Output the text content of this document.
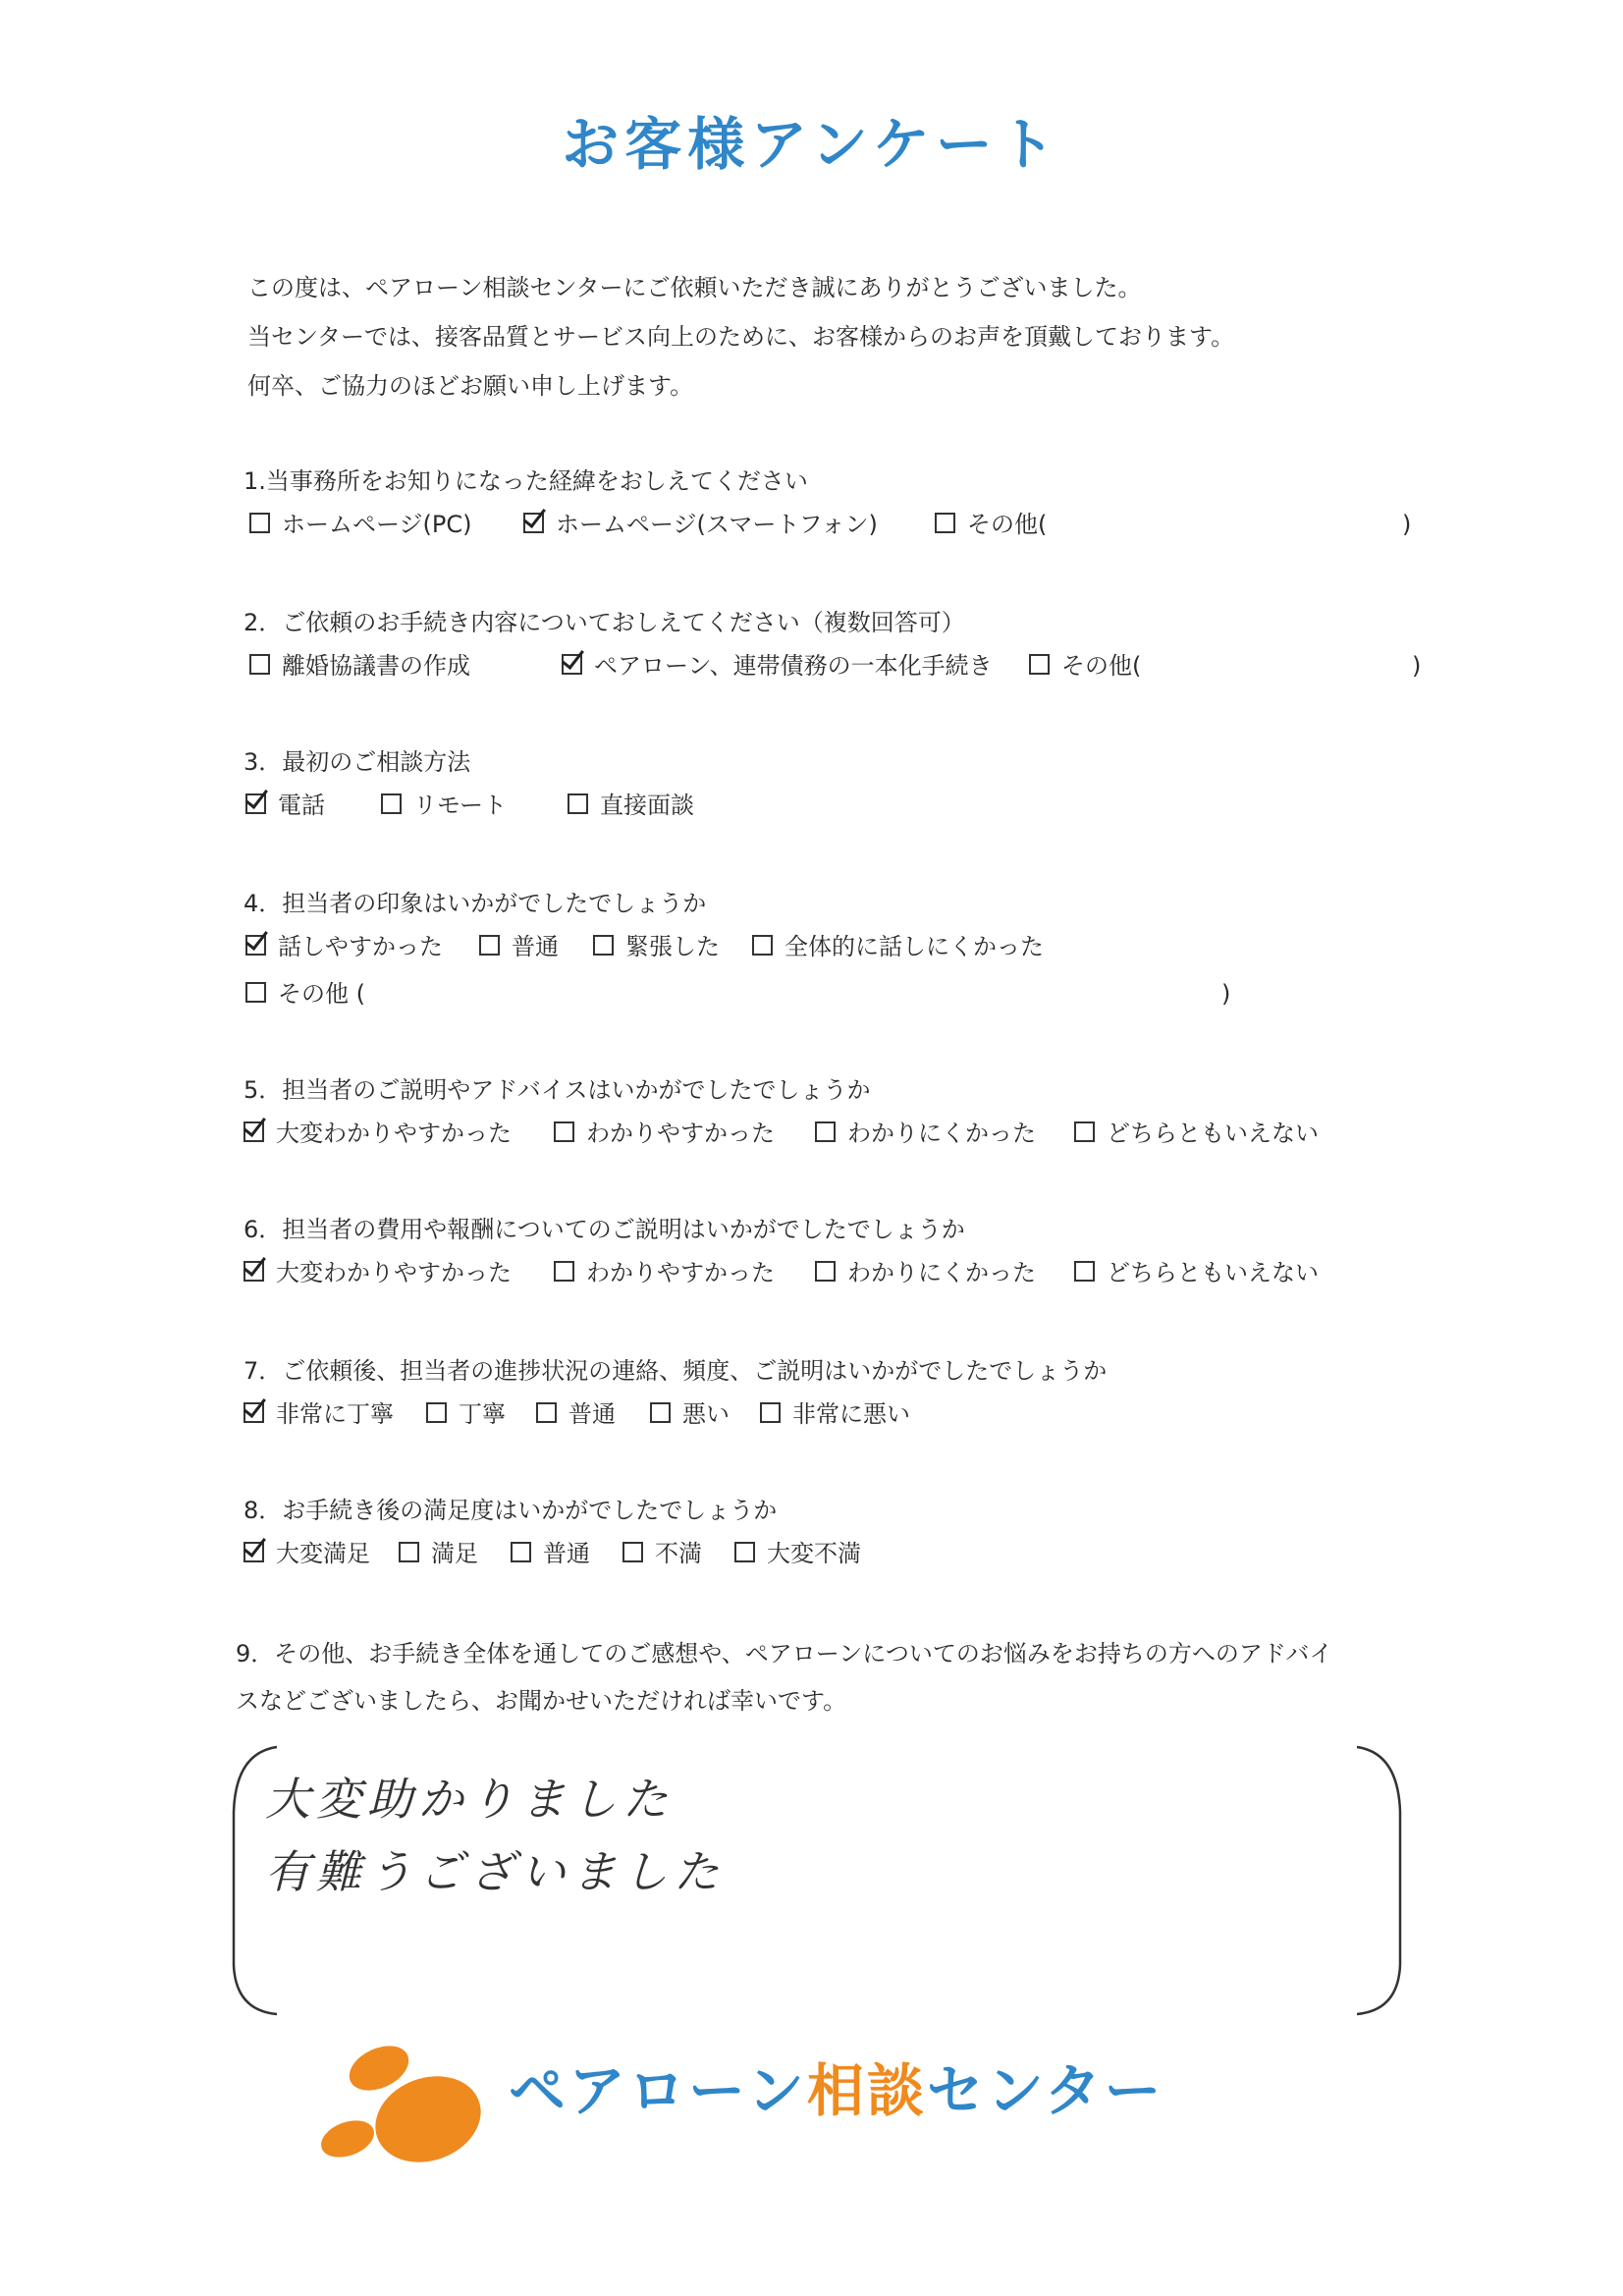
お客様アンケート
この度は、ペアローン相談センターにご依頼いただき誠にありがとうございました。
当センターでは、接客品質とサービス向上のために、お客様からのお声を頂戴しております。
何卒、ご協力のほどお願い申し上げます。
1.当事務所をお知りになった経緯をおしえてください
ホームページ(PC)	ホームページ(スマートフォン)	その他(	)
2．ご依頼のお手続き内容についておしえてください（複数回答可）
離婚協議書の作成	ペアローン、連帯債務の一本化手続き	その他(	)
3．最初のご相談方法
電話	リモート	直接面談
4．担当者の印象はいかがでしたでしょうか
話しやすかった	普通	緊張した	全体的に話しにくかった
その他 (	)
5．担当者のご説明やアドバイスはいかがでしたでしょうか
大変わかりやすかった	わかりやすかった	わかりにくかった	どちらともいえない
6．担当者の費用や報酬についてのご説明はいかがでしたでしょうか
大変わかりやすかった	わかりやすかった	わかりにくかった	どちらともいえない
7．ご依頼後、担当者の進捗状況の連絡、頻度、ご説明はいかがでしたでしょうか
非常に丁寧	丁寧	普通	悪い	非常に悪い
8．お手続き後の満足度はいかがでしたでしょうか
大変満足	満足	普通	不満	大変不満
9．その他、お手続き全体を通してのご感想や、ペアローンについてのお悩みをお持ちの方へのアドバイ
スなどございましたら、お聞かせいただければ幸いです。
大変助かりました
有難うございました
ペアローン相談センター
